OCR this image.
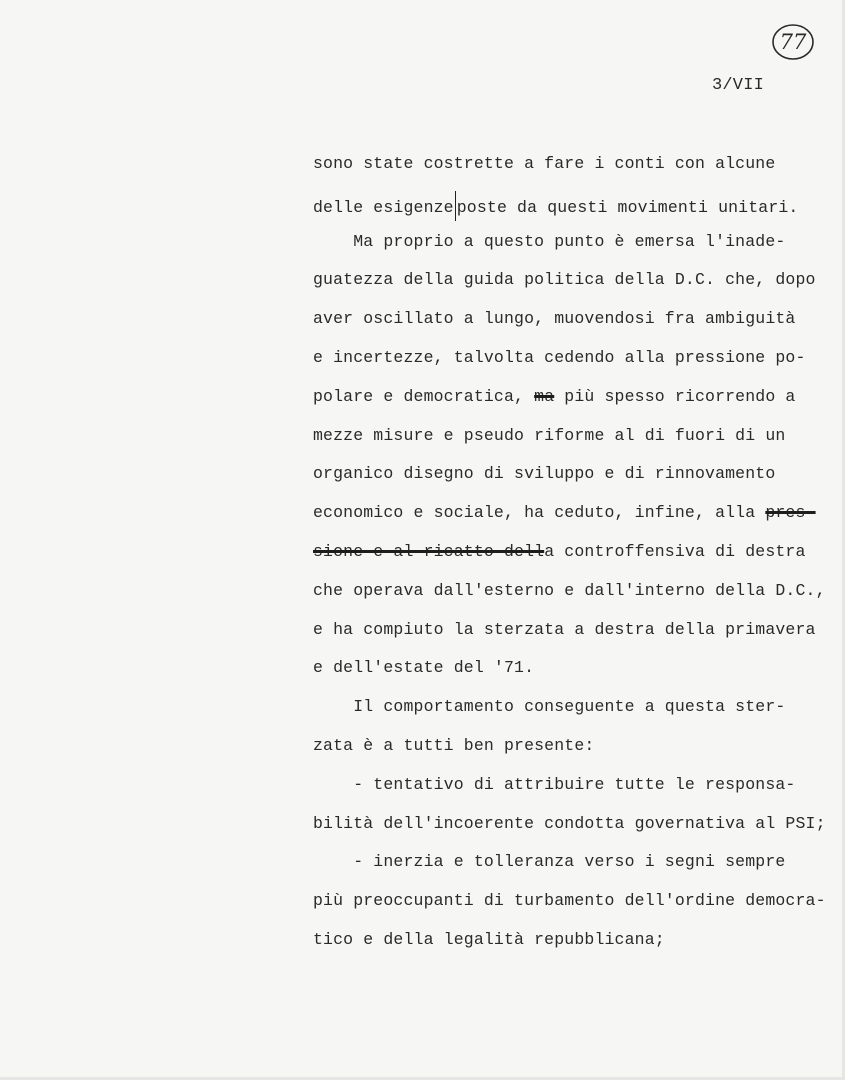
77
3/VII
sono state costrette a fare i conti con alcune
delle esigenze poste da questi movimenti unitari.
Ma proprio a questo punto è emersa l'inade-
guatezza della guida politica della D.C. che, dopo
aver oscillato a lungo, muovendosi fra ambiguità
e incertezze, talvolta cedendo alla pressione po-
polare e democratica, ma più spesso ricorrendo a
mezze misure e pseudo riforme al di fuori di un
organico disegno di sviluppo e di rinnovamento
economico e sociale, ha ceduto, infine, alla pres-
sione e al ricatto della controffensiva di destra
che operava dall'esterno e dall'interno della D.C.,
e ha compiuto la sterzata a destra della primavera
e dell'estate del '71.
Il comportamento conseguente a questa ster-
zata è a tutti ben presente:
- tentativo di attribuire tutte le responsa-
bilità dell'incoerente condotta governativa al PSI;
- inerzia e tolleranza verso i segni sempre
più preoccupanti di turbamento dell'ordine democra-
tico e della legalità repubblicana;
